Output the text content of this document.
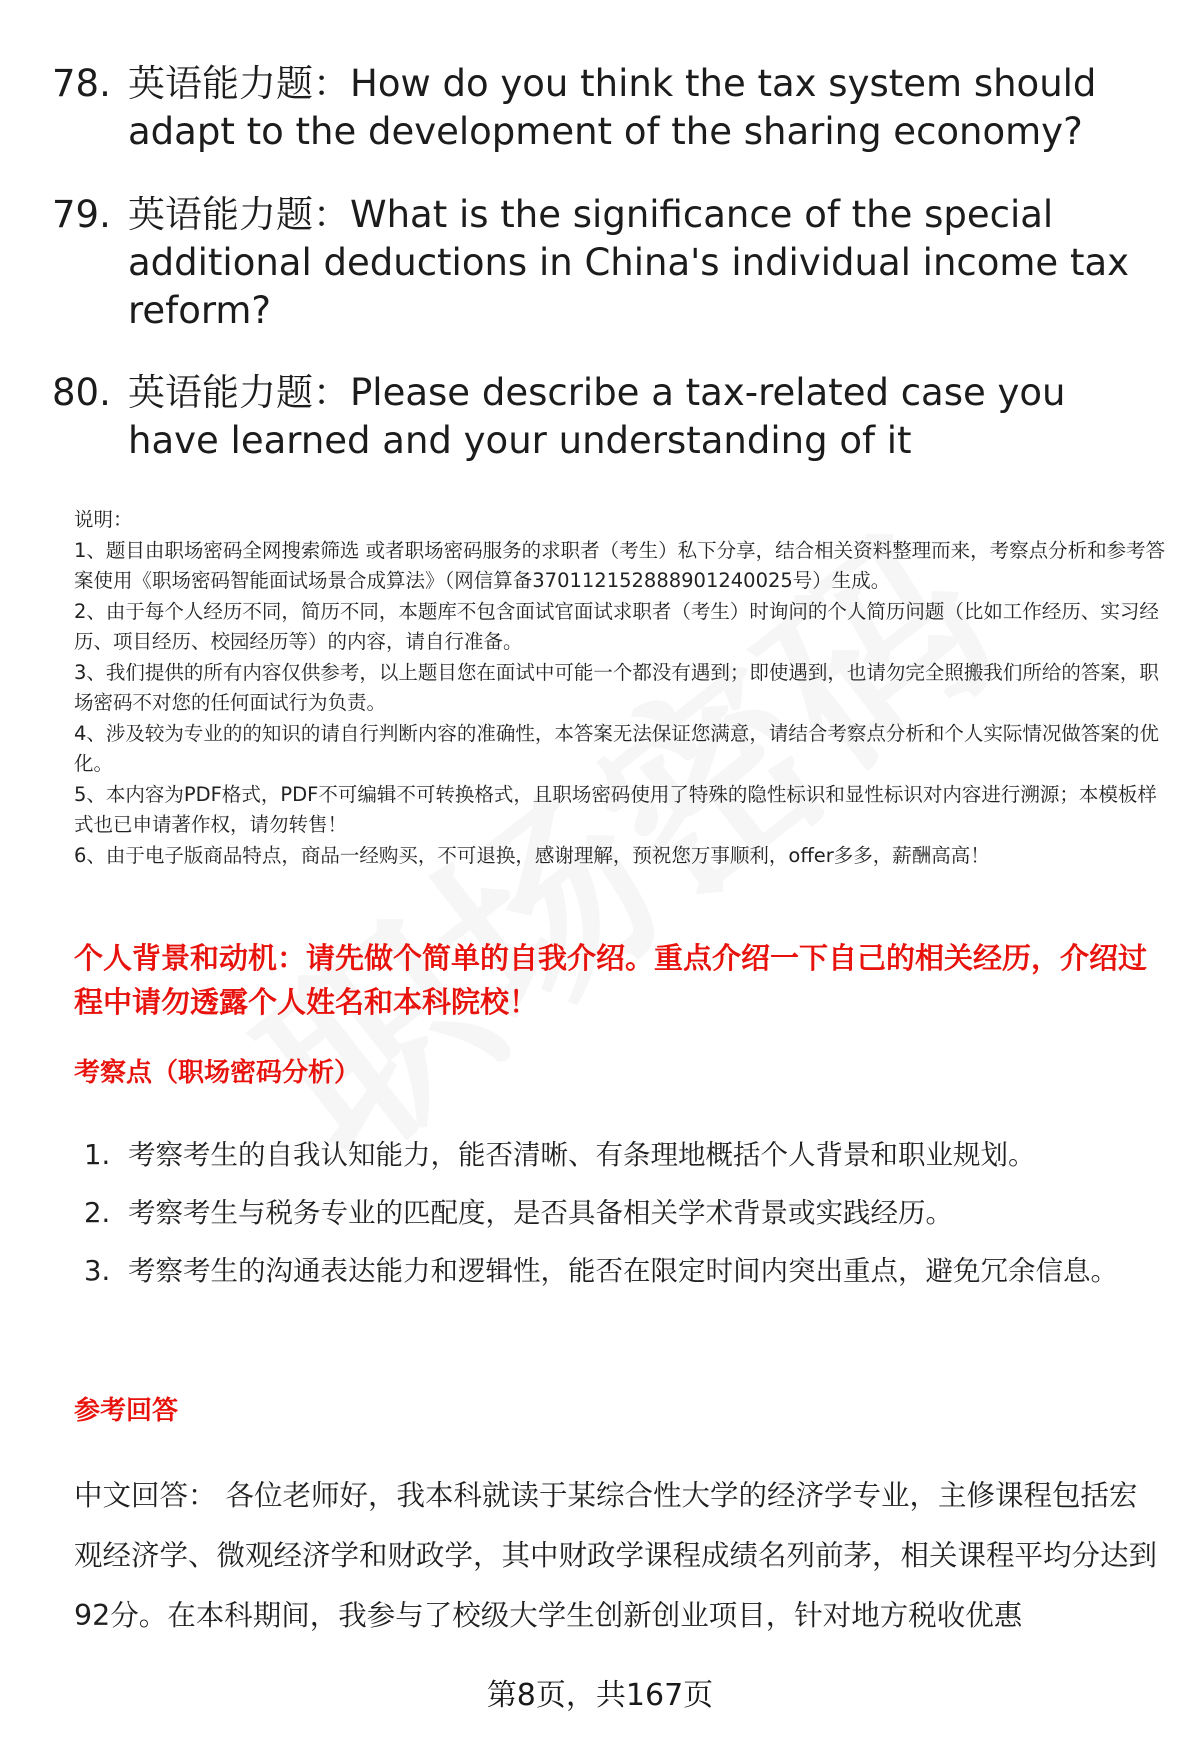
78. 英语能力题：How do you think the tax system should adapt to the development of the sharing economy?
79. 英语能力题：What is the significance of the special additional deductions in China's individual income tax reform?
80. 英语能力题：Please describe a tax-related case you have learned and your understanding of it
说明：
1、题目由职场密码全网搜索筛选 或者职场密码服务的求职者（考生）私下分享，结合相关资料整理而来，考察点分析和参考答案使用《职场密码智能面试场景合成算法》（网信算备370112152888901240025号）生成。
2、由于每个人经历不同，简历不同，本题库不包含面试官面试求职者（考生）时询问的个人简历问题（比如工作经历、实习经历、项目经历、校园经历等）的内容，请自行准备。
3、我们提供的所有内容仅供参考，以上题目您在面试中可能一个都没有遇到；即使遇到，也请勿完全照搬我们所给的答案，职场密码不对您的任何面试行为负责。
4、涉及较为专业的的知识的请自行判断内容的准确性，本答案无法保证您满意，请结合考察点分析和个人实际情况做答案的优化。
5、本内容为PDF格式，PDF不可编辑不可转换格式，且职场密码使用了特殊的隐性标识和显性标识对内容进行溯源；本模板样式也已申请著作权，请勿转售！
6、由于电子版商品特点，商品一经购买，不可退换，感谢理解，预祝您万事顺利，offer多多，薪酬高高！
个人背景和动机：请先做个简单的自我介绍。重点介绍一下自己的相关经历，介绍过程中请勿透露个人姓名和本科院校！
考察点（职场密码分析）
1. 考察考生的自我认知能力，能否清晰、有条理地概括个人背景和职业规划。
2. 考察考生与税务专业的匹配度，是否具备相关学术背景或实践经历。
3. 考察考生的沟通表达能力和逻辑性，能否在限定时间内突出重点，避免冗余信息。
参考回答
中文回答： 各位老师好，我本科就读于某综合性大学的经济学专业，主修课程包括宏观经济学、微观经济学和财政学，其中财政学课程成绩名列前茅，相关课程平均分达到92分。在本科期间，我参与了校级大学生创新创业项目，针对地方税收优惠
第8页，共167页
